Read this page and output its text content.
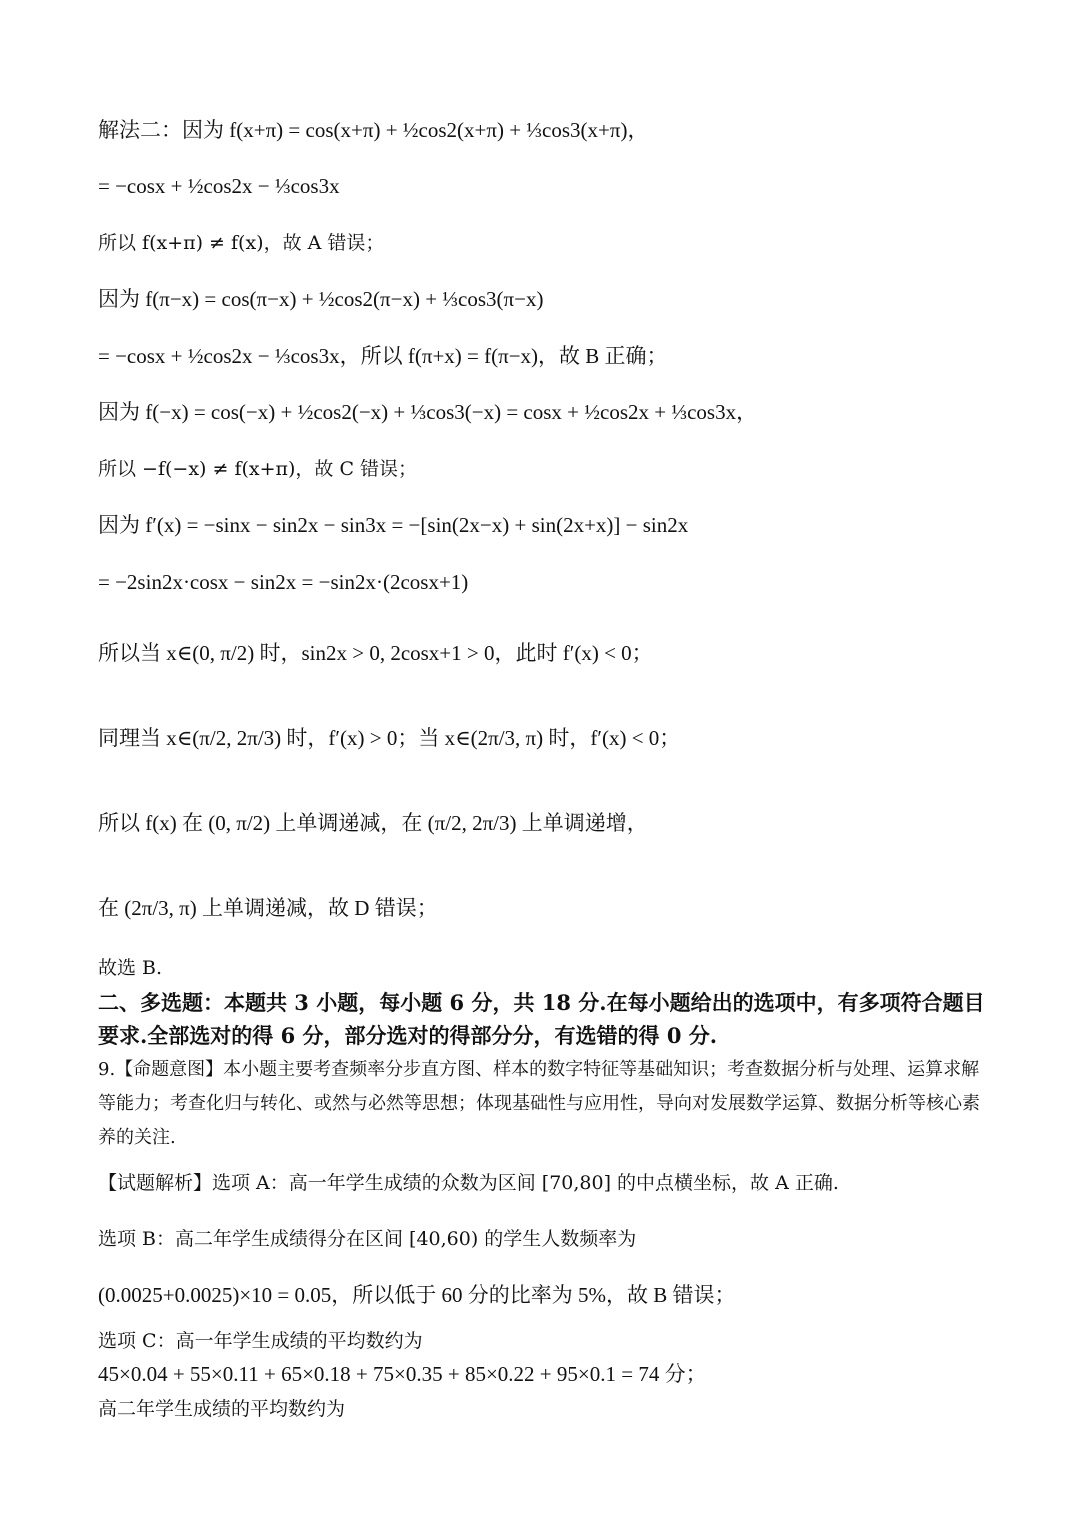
解法二：因为 f(x+π) = cos(x+π) + ½cos2(x+π) + ⅓cos3(x+π)，
= −cosx + ½cos2x − ⅓cos3x
所以 f(x+π) ≠ f(x)，故 A 错误；
因为 f(π−x) = cos(π−x) + ½cos2(π−x) + ⅓cos3(π−x)
= −cosx + ½cos2x − ⅓cos3x，所以 f(π+x) = f(π−x)，故 B 正确；
因为 f(−x) = cos(−x) + ½cos2(−x) + ⅓cos3(−x) = cosx + ½cos2x + ⅓cos3x，
所以 −f(−x) ≠ f(x+π)，故 C 错误；
因为 f′(x) = −sinx − sin2x − sin3x = −[sin(2x−x) + sin(2x+x)] − sin2x
= −2sin2x·cosx − sin2x = −sin2x·(2cosx+1)
所以当 x∈(0, π/2) 时，sin2x > 0, 2cosx+1 > 0，此时 f′(x) < 0；
同理当 x∈(π/2, 2π/3) 时，f′(x) > 0；当 x∈(2π/3, π) 时，f′(x) < 0；
所以 f(x) 在 (0, π/2) 上单调递减，在 (π/2, 2π/3) 上单调递增，
在 (2π/3, π) 上单调递减，故 D 错误；
故选 B.
二、多选题：本题共 3 小题，每小题 6 分，共 18 分.在每小题给出的选项中，有多项符合题目要求.全部选对的得 6 分，部分选对的得部分分，有选错的得 0 分.
9.【命题意图】本小题主要考查频率分步直方图、样本的数字特征等基础知识；考查数据分析与处理、运算求解等能力；考查化归与转化、或然与必然等思想；体现基础性与应用性，导向对发展数学运算、数据分析等核心素养的关注.
【试题解析】选项 A：高一年学生成绩的众数为区间 [70,80] 的中点横坐标，故 A 正确.
选项 B：高二年学生成绩得分在区间 [40,60) 的学生人数频率为
(0.0025+0.0025)×10 = 0.05，所以低于 60 分的比率为 5%，故 B 错误；
选项 C：高一年学生成绩的平均数约为
45×0.04 + 55×0.11 + 65×0.18 + 75×0.35 + 85×0.22 + 95×0.1 = 74 分；
高二年学生成绩的平均数约为
